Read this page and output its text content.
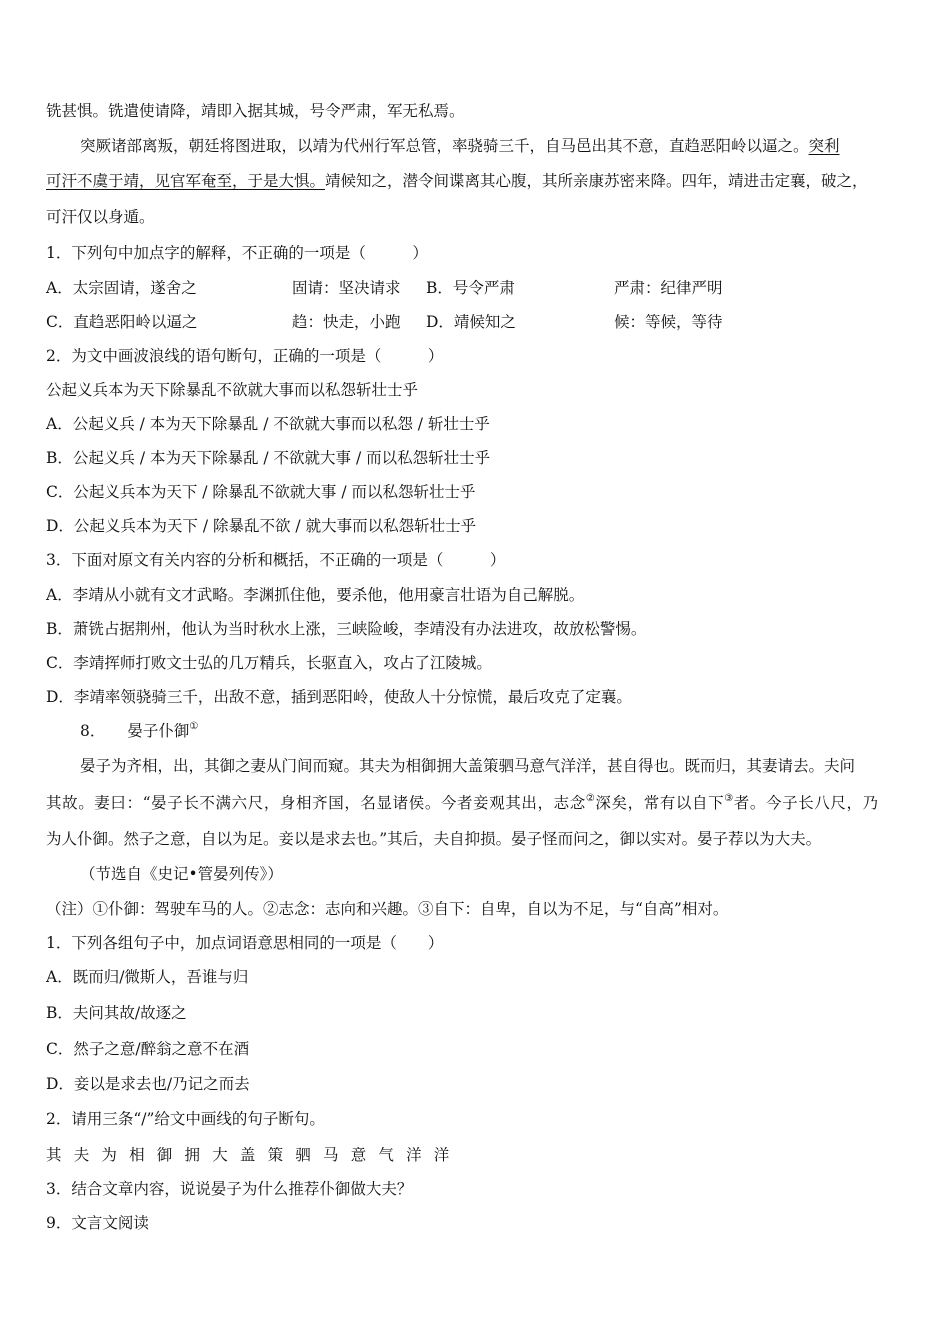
铣甚惧。铣遣使请降，靖即入据其城，号令严肃，军无私焉。
突厥诸部离叛，朝廷将图进取，以靖为代州行军总管，率骁骑三千，自马邑出其不意，直趋恶阳岭以逼之。突利
可汗不虞于靖，见官军奄至，于是大惧。靖候知之，潜令间谍离其心腹，其所亲康苏密来降。四年，靖进击定襄，破之，
可汗仅以身遁。
1．下列句中加点字的解释，不正确的一项是（　　　）
A．太宗固请，遂舍之	固请：坚决请求 B．号令严肃	严肃：纪律严明
C．直趋恶阳岭以逼之	趋：快走，小跑 D．靖候知之	候：等候，等待
2．为文中画波浪线的语句断句，正确的一项是（　　　）
公起义兵本为天下除暴乱不欲就大事而以私怨斩壮士乎
A．公起义兵 / 本为天下除暴乱 / 不欲就大事而以私怨 / 斩壮士乎
B．公起义兵 / 本为天下除暴乱 / 不欲就大事 / 而以私怨斩壮士乎
C．公起义兵本为天下 / 除暴乱不欲就大事 / 而以私怨斩壮士乎
D．公起义兵本为天下 / 除暴乱不欲 / 就大事而以私怨斩壮士乎
3．下面对原文有关内容的分析和概括，不正确的一项是（　　　）
A．李靖从小就有文才武略。李渊抓住他，要杀他，他用豪言壮语为自己解脱。
B．萧铣占据荆州，他认为当时秋水上涨，三峡险峻，李靖没有办法进攻，故放松警惕。
C．李靖挥师打败文士弘的几万精兵，长驱直入，攻占了江陵城。
D．李靖率领骁骑三千，出敌不意，插到恶阳岭，使敌人十分惊慌，最后攻克了定襄。
8． 晏子仆御①
晏子为齐相，出，其御之妻从门间而窥。其夫为相御拥大盖策驷马意气洋洋，甚自得也。既而归，其妻请去。夫问
其故。妻曰：“晏子长不满六尺，身相齐国，名显诸侯。今者妾观其出，志念②深矣，常有以自下③者。今子长八尺，乃
为人仆御。然子之意，自以为足。妾以是求去也。”其后，夫自抑损。晏子怪而问之，御以实对。晏子荐以为大夫。
（节选自《史记•管晏列传》）
（注）①仆御：驾驶车马的人。②志念：志向和兴趣。③自下：自卑，自以为不足，与“自高”相对。
1．下列各组句子中，加点词语意思相同的一项是（　　）
A．既而归/微斯人，吾谁与归
B．夫问其故/故逐之
C．然子之意/醉翁之意不在酒
D．妾以是求去也/乃记之而去
2．请用三条“/”给文中画线的句子断句。
其夫为相御拥大盖策驷马意气洋洋
3．结合文章内容，说说晏子为什么推荐仆御做大夫？
9．文言文阅读
